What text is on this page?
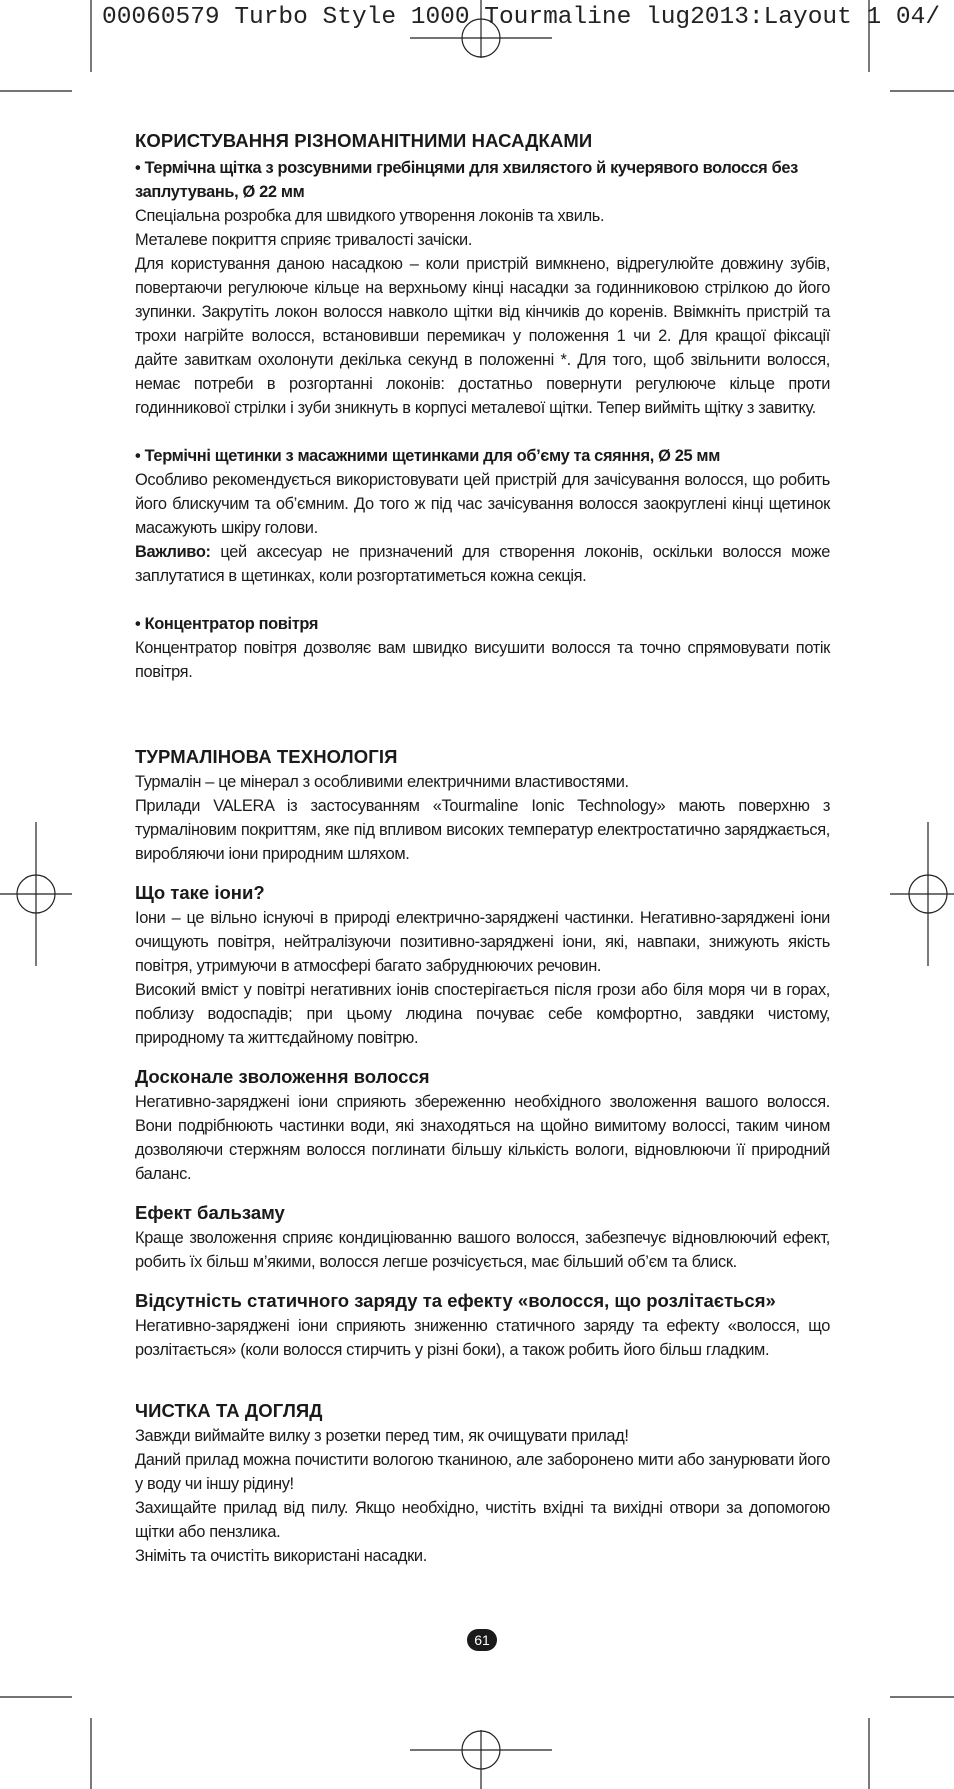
00060579 Turbo Style 1000 Tourmaline lug2013:Layout 1 04/
КОРИСТУВАННЯ РІЗНОМАНІТНИМИ НАСАДКАМИ
• Термічна щітка з розсувними гребінцями для хвилястого й кучерявого волосся без заплутувань, Ø 22 мм

Спеціальна розробка для швидкого утворення локонів та хвиль.

Металеве покриття сприяє тривалості зачіски.

Для користування даною насадкою – коли пристрій вимкнено, відрегулюйте довжину зубів, повертаючи регулююче кільце на верхньому кінці насадки за годинниковою стрілкою до його зупинки. Закрутіть локон волосся навколо щітки від кінчиків до коренів. Ввімкніть пристрій та трохи нагрійте волосся, встановивши перемикач у положення 1 чи 2. Для кращої фіксації дайте завиткам охолонути декілька секунд в положенні *. Для того, щоб звільнити волосся, немає потреби в розгортанні локонів: достатньо повернути регулююче кільце проти годинникової стрілки і зуби зникнуть в корпусі металевої щітки. Тепер вийміть щітку з завитку.

• Термічні щетинки з масажними щетинками для об’єму та сяяння, Ø 25 мм

Особливо рекомендується використовувати цей пристрій для зачісування волосся, що робить його блискучим та об’ємним. До того ж під час зачісування волосся заокруглені кінці щетинок масажують шкіру голови.

Важливо: цей аксесуар не призначений для створення локонів, оскільки волосся може заплутатися в щетинках, коли розгортатиметься кожна секція.

• Концентратор повітря

Концентратор повітря дозволяє вам швидко висушити волосся та точно спрямовувати потік повітря.

ТУРМАЛІНОВА ТЕХНОЛОГІЯ

Турмалін – це мінерал з особливими електричними властивостями.

Прилади VALERA із застосуванням «Tourmaline Ionic Technology» мають поверхню з турмаліновим покриттям, яке під впливом високих температур електростатично заряджається, виробляючи іони природним шляхом.

Що таке іони?

Іони – це вільно існуючі в природі електрично-заряджені частинки. Негативно-заряджені іони очищують повітря, нейтралізуючи позитивно-заряджені іони, які, навпаки, знижують якість повітря, утримуючи в атмосфері багато забруднюючих речовин.

Високий вміст у повітрі негативних іонів спостерігається після грози або біля моря чи в горах, поблизу водоспадів; при цьому людина почуває себе комфортно, завдяки чистому, природному та життєдайному повітрю.

Досконале зволоження волосся

Негативно-заряджені іони сприяють збереженню необхідного зволоження вашого волосся. Вони подрібнюють частинки води, які знаходяться на щойно вимитому волоссі, таким чином дозволяючи стержням волосся поглинати більшу кількість вологи, відновлюючи її природний баланс.

Ефект бальзаму

Краще зволоження сприяє кондиціюванню вашого волосся, забезпечує відновлюючий ефект, робить їх більш м’якими, волосся легше розчісується, має більший об’єм та блиск.

Відсутність статичного заряду та ефекту «волосся, що розлітається»

Негативно-заряджені іони сприяють зниженню статичного заряду та ефекту «волосся, що розлітається» (коли волосся стирчить у різні боки), а також робить його більш гладким.

ЧИСТКА ТА ДОГЛЯД

Завжди виймайте вилку з розетки перед тим, як очищувати прилад!

Даний прилад можна почистити вологою тканиною, але заборонено мити або занурювати його у воду чи іншу рідину!

Захищайте прилад від пилу. Якщо необхідно, чистіть вхідні та вихідні отвори за допомогою щітки або пензлика.

Зніміть та очистіть використані насадки.

61
